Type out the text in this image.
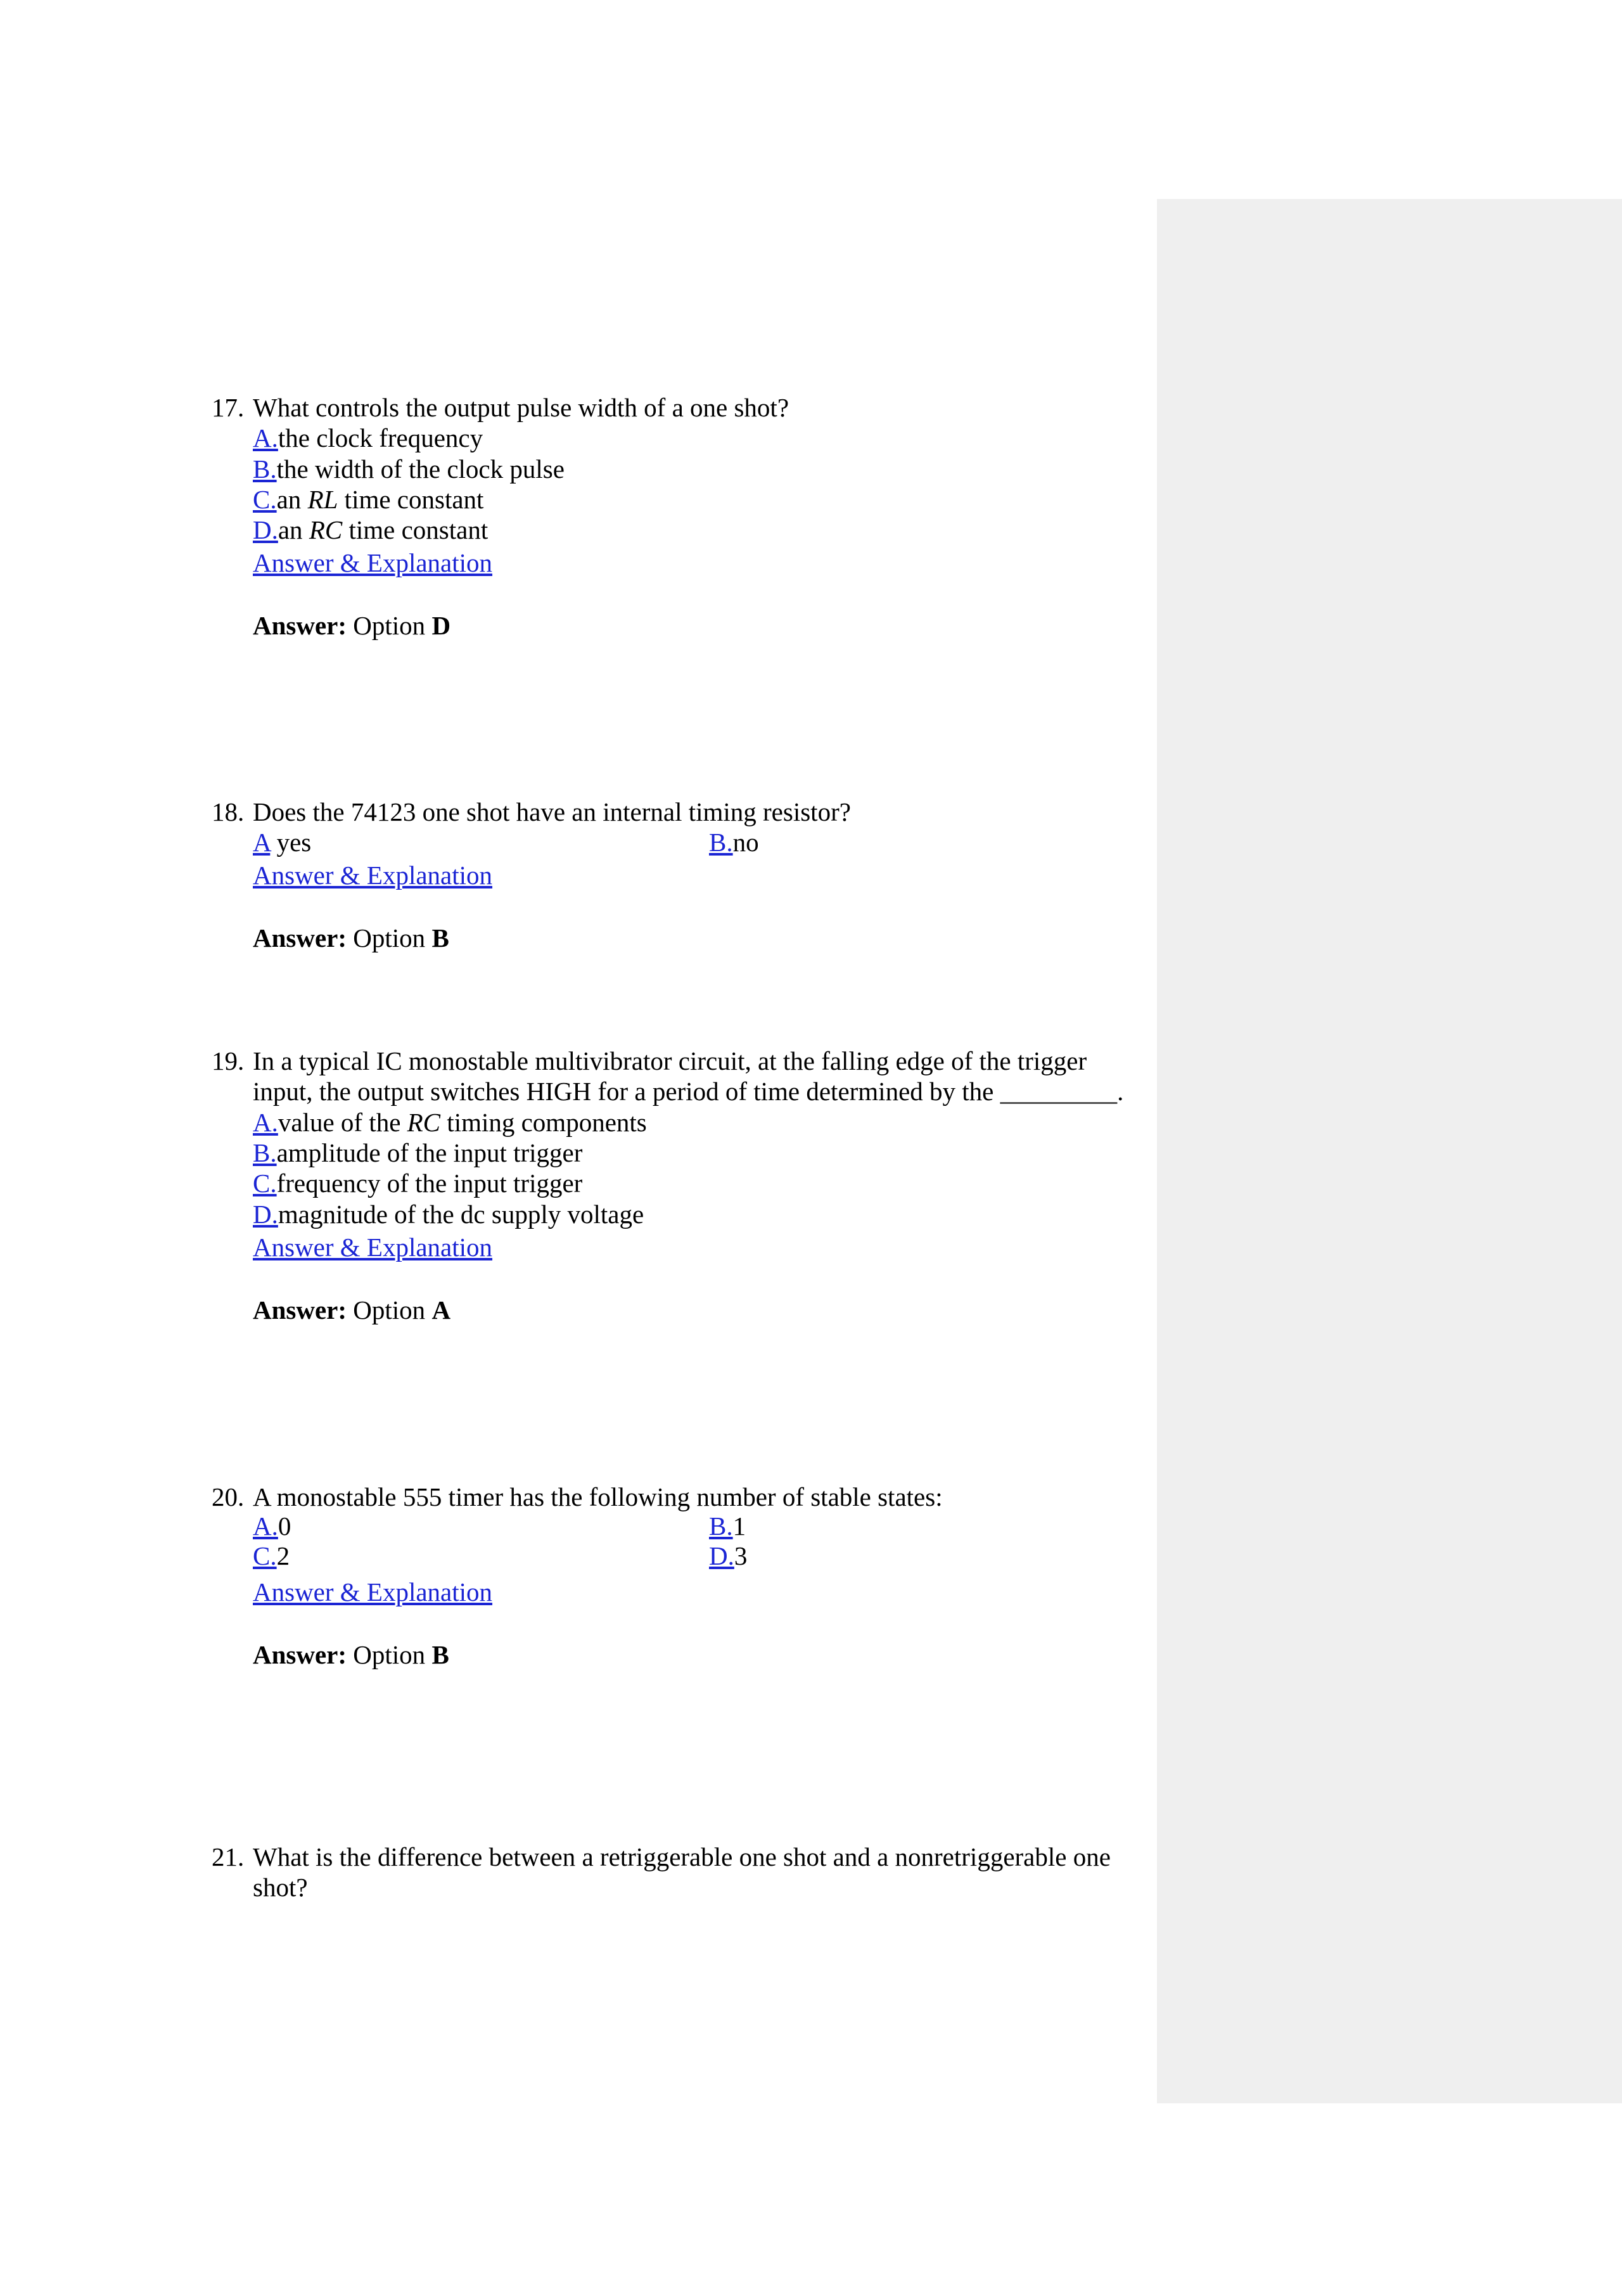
17. What controls the output pulse width of a one shot?
A.the clock frequency
B.the width of the clock pulse
C.an RL time constant
D.an RC time constant
Answer & Explanation
Answer: Option D
18. Does the 74123 one shot have an internal timing resistor?
A yes	B.no
Answer & Explanation
Answer: Option B
19. In a typical IC monostable multivibrator circuit, at the falling edge of the trigger
input, the output switches HIGH for a period of time determined by the _________.
A.value of the RC timing components
B.amplitude of the input trigger
C.frequency of the input trigger
D.magnitude of the dc supply voltage
Answer & Explanation
Answer: Option A
20. A monostable 555 timer has the following number of stable states:
A.0	B.1
C.2	D.3
Answer & Explanation
Answer: Option B
21. What is the difference between a retriggerable one shot and a nonretriggerable one
shot?
